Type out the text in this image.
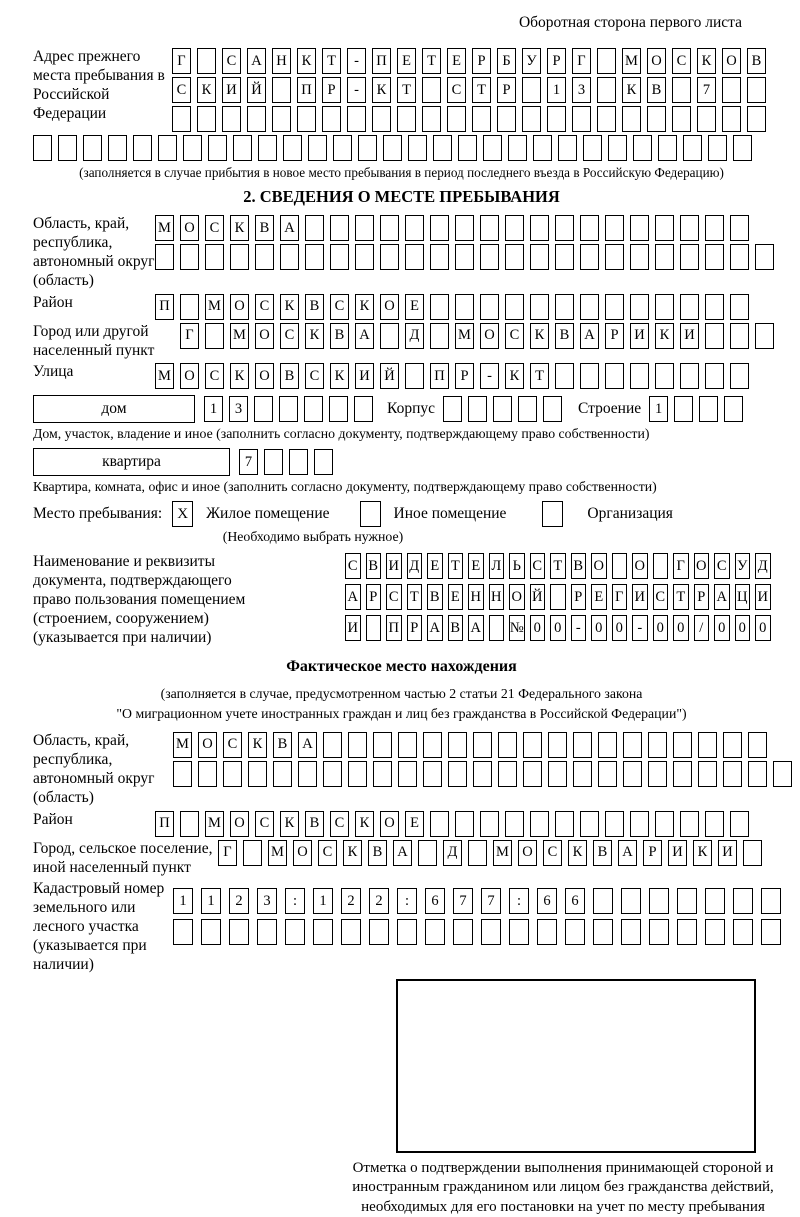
Оборотная сторона первого листа
Адрес прежнего места пребывания в Российской Федерации
Г	С	А Н	К	Т	-	П	Е	Т	Е	Р	Б	У	Р	Г	М О	С	К	О	В
С	К	И Й	П	Р	-	К	Т	С	Т	Р	1	3	К	В	7
(заполняется в случае прибытия в новое место пребывания в период последнего въезда в Российскую Федерацию)
2. СВЕДЕНИЯ О МЕСТЕ ПРЕБЫВАНИЯ
Область, край, республика, автономный округ (область)
М О	С	К	В	А
Район	П	М О	С	К	В	С	К	О	Е
Город или другой населенный пункт
Г	М О	С	К	В	А	Д	М О	С	К	В	А	Р	И	К	И
Улица	М О	С	К	О	В	С	К	И Й	П	Р	-	К	Т
дом	1	3	Корпус	Строение 1
Дом, участок, владение и иное (заполнить согласно документу, подтверждающему право собственности)
квартира	7
Квартира, комната, офис и иное (заполнить согласно документу, подтверждающему право собственности)
Место пребывания:	X	Жилое помещение	Иное помещение	Организация
(Необходимо выбрать нужное)
Наименование и реквизиты документа, подтверждающего право пользования помещением (строением, сооружением) (указывается при наличии)
С В И Д Е Т Е Л Ь С Т В О О Г О С У Д
А Р С Т В Е Н Н О Й Р Е Г И С Т Р А Ц И
И П Р А В А № 0 0 - 0 0 - 0 0	/	0 0 0
Фактическое место нахождения
(заполняется в случае, предусмотренном частью 2 статьи 21 Федерального закона
"О миграционном учете иностранных граждан и лиц без гражданства в Российской Федерации")
Область, край, республика, автономный округ (область)
М О	С	К	В	А
Район	П	М О	С	К	В	С	К	О	Е
Город, сельское поселение, иной населенный пункт
Г	М О	С	К	В	А	Д	М О	С	К	В	А	Р	И	К	И
Кадастровый номер земельного или лесного участка (указывается при наличии)
1	1	2	3	:	1	2	2	:	6	7	7	:	6	6
Отметка о подтверждении выполнения принимающей стороной и иностранным гражданином или лицом без гражданства действий, необходимых для его постановки на учет по месту пребывания
